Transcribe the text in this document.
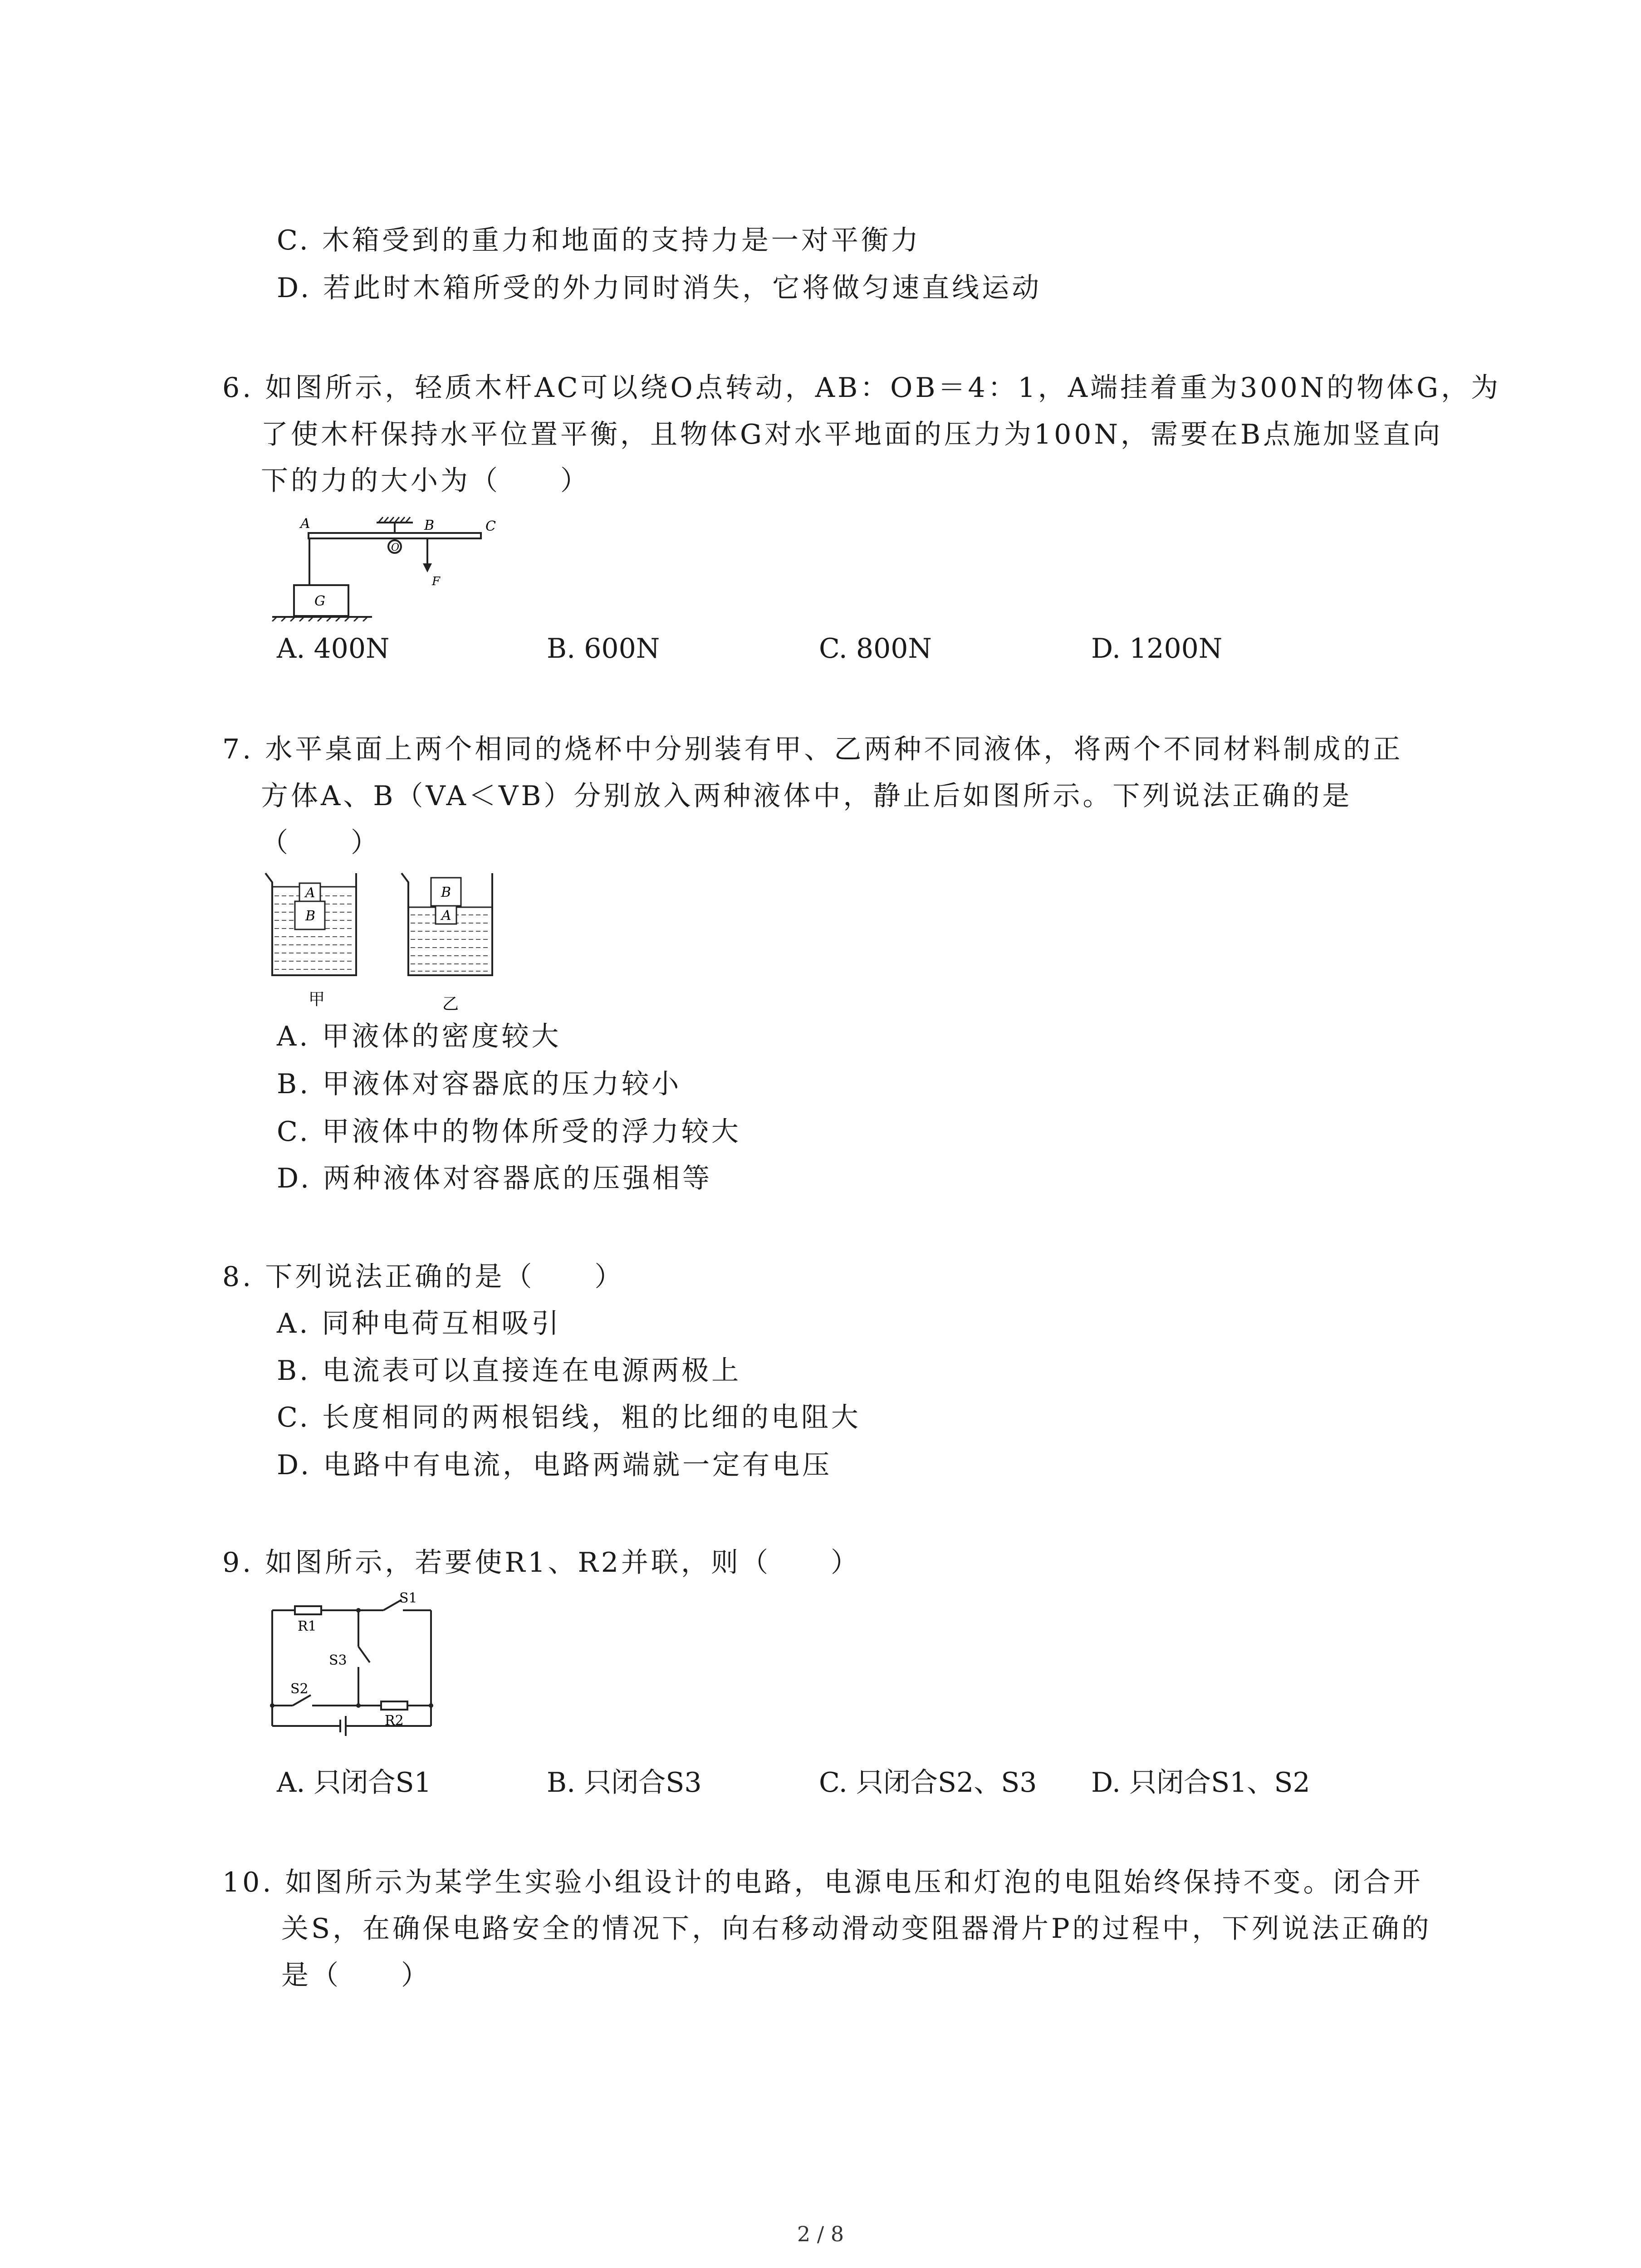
C. 木箱受到的重力和地面的支持力是一对平衡力
D. 若此时木箱所受的外力同时消失，它将做匀速直线运动
6. 如图所示，轻质木杆AC可以绕O点转动，AB：OB＝4：1，A端挂着重为300N的物体G，为
了使木杆保持水平位置平衡，且物体G对水平地面的压力为100N，需要在B点施加竖直向
下的力的大小为（　　）
A	B	C
O
G
F
A. 400N	B. 600N	C. 800N	D. 1200N
7. 水平桌面上两个相同的烧杯中分别装有甲、乙两种不同液体，将两个不同材料制成的正
方体A、B（VA＜VB）分别放入两种液体中，静止后如图所示。下列说法正确的是
（　　）
A
B
甲
B
A
乙
A. 甲液体的密度较大
B. 甲液体对容器底的压力较小
C. 甲液体中的物体所受的浮力较大
D. 两种液体对容器底的压强相等
8. 下列说法正确的是（　　）
A. 同种电荷互相吸引
B. 电流表可以直接连在电源两极上
C. 长度相同的两根铝线，粗的比细的电阻大
D. 电路中有电流，电路两端就一定有电压
9. 如图所示，若要使R1、R2并联，则（　　）
R1
S1
S3
S2
R2
A. 只闭合S1	B. 只闭合S3	C. 只闭合S2、S3 D. 只闭合S1、S2
10. 如图所示为某学生实验小组设计的电路，电源电压和灯泡的电阻始终保持不变。闭合开
关S，在确保电路安全的情况下，向右移动滑动变阻器滑片P的过程中，下列说法正确的
是（　　）
2 / 8
